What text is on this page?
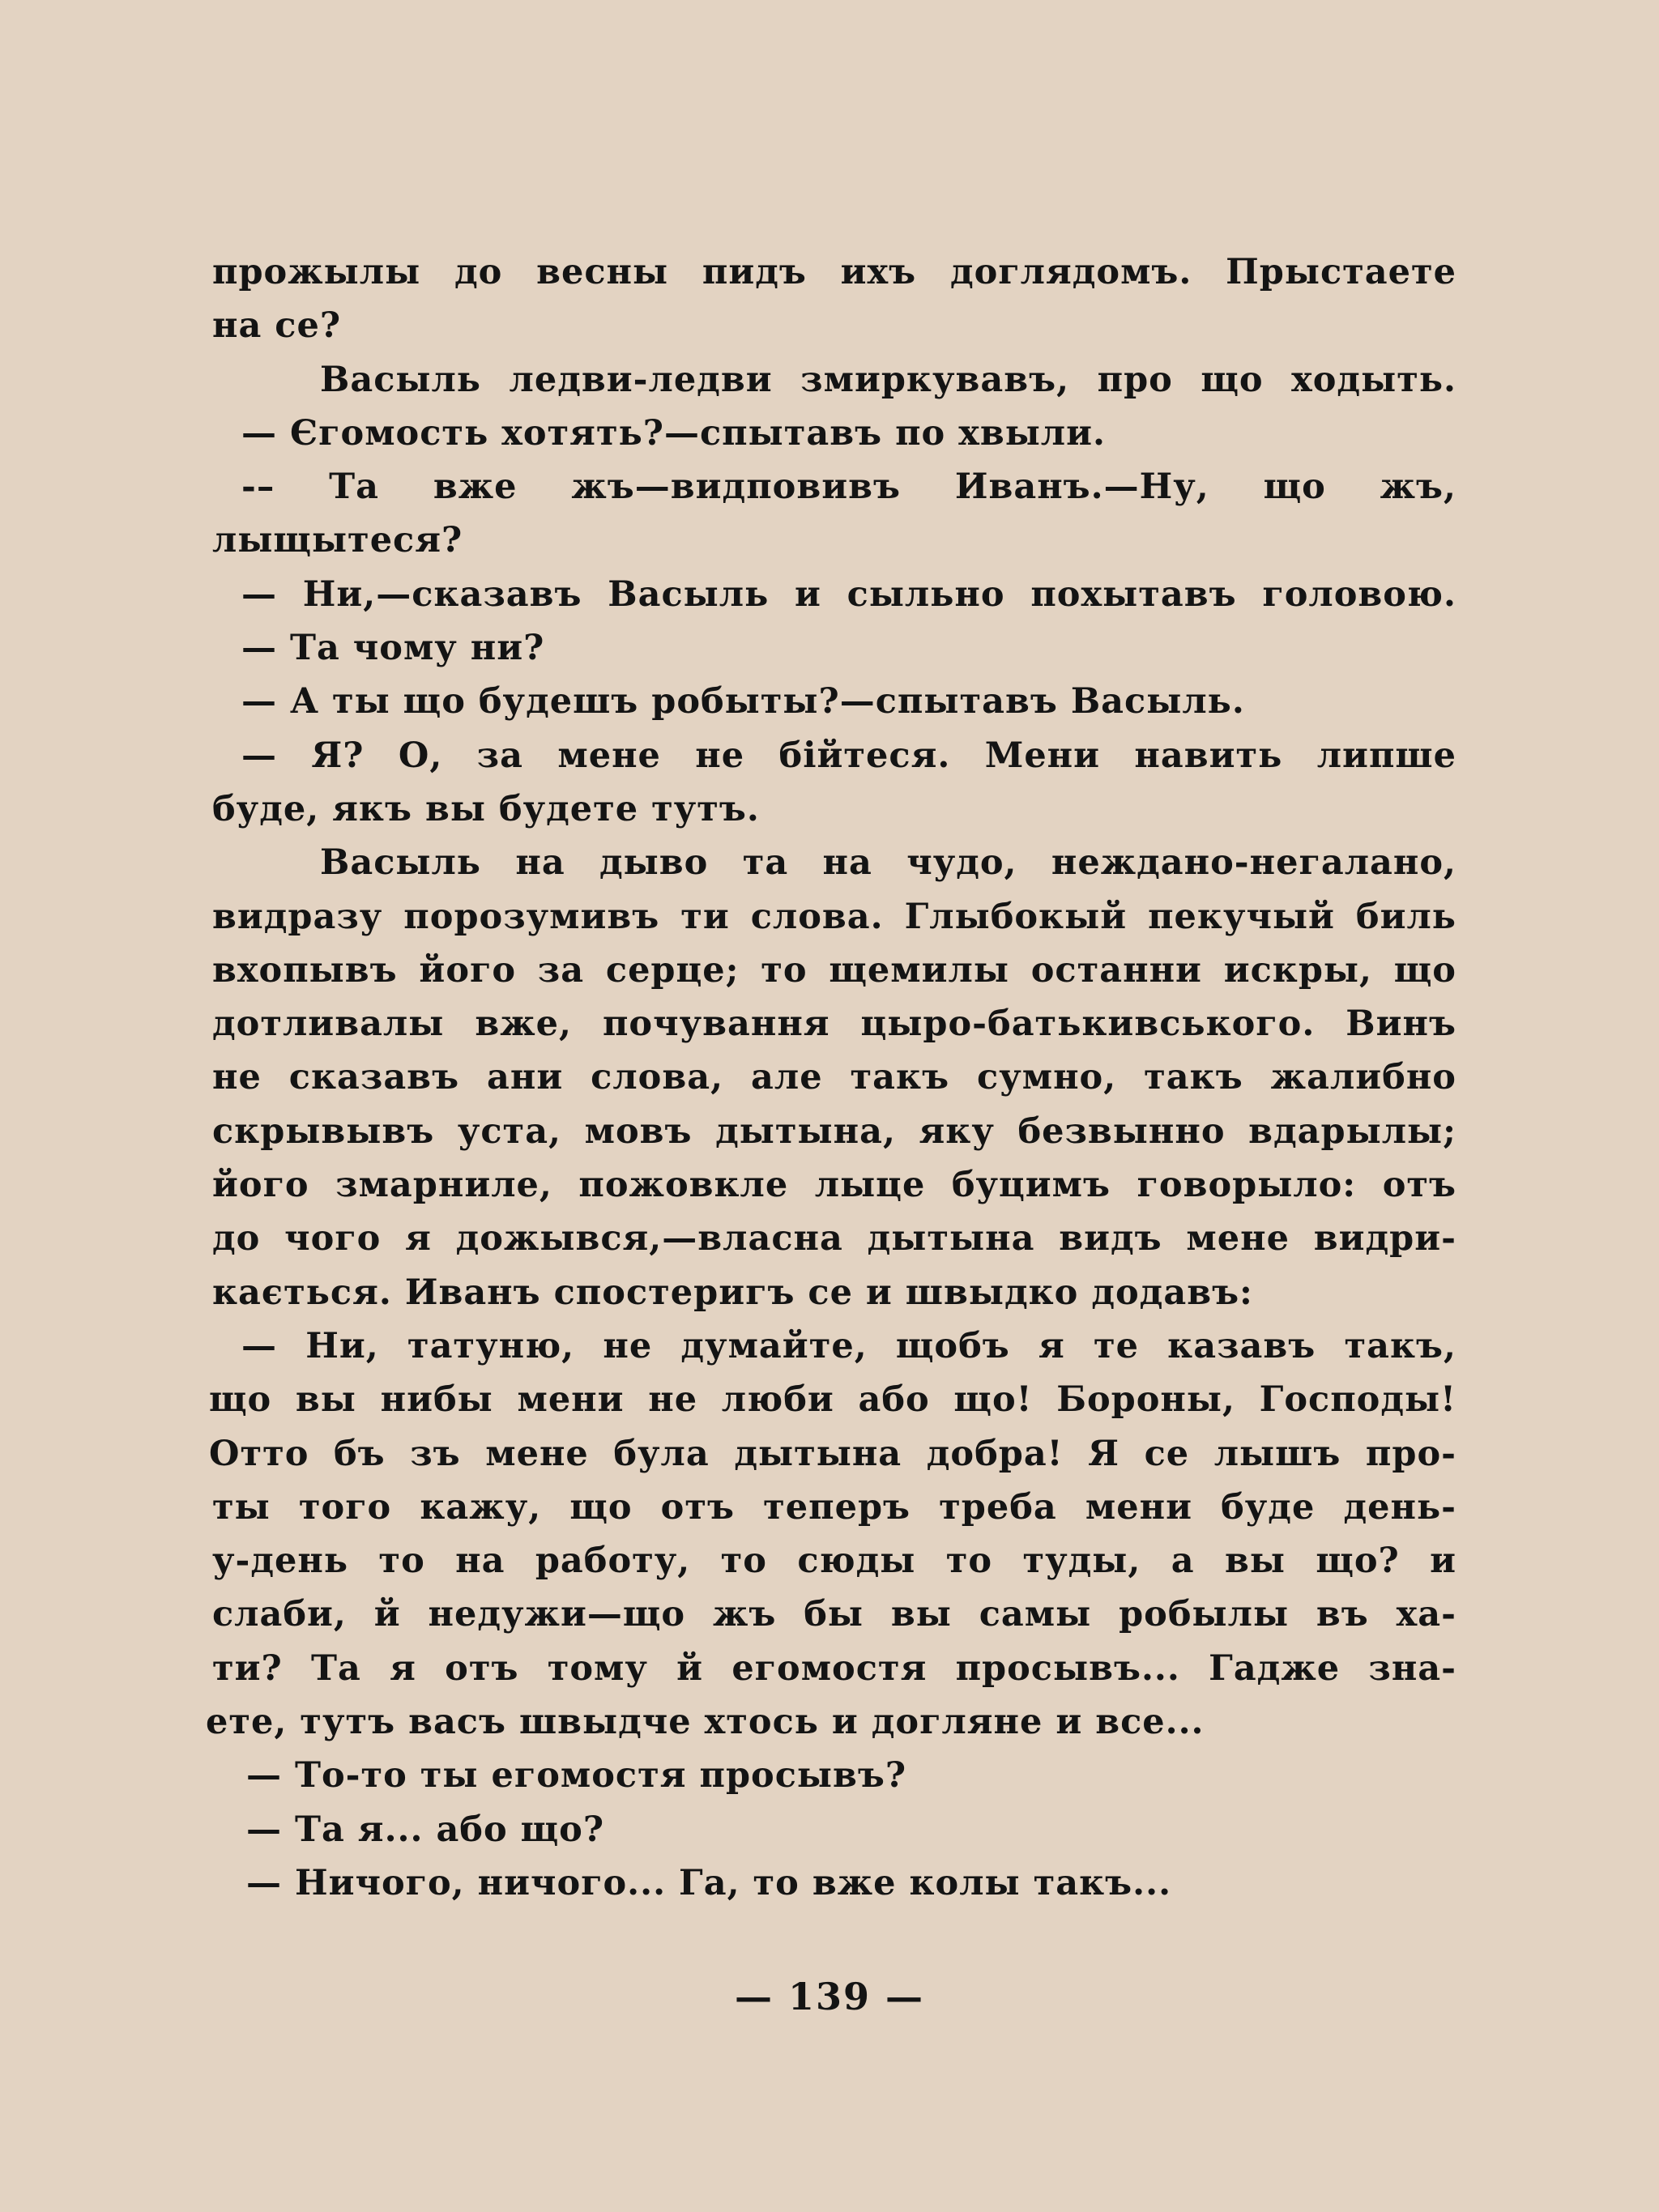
прожылы до весны пидъ ихъ доглядомъ. Прыстаете
на се?
Васыль ледви-ледви змиркувавъ, про що ходыть.
— Єгомость хотять?—спытавъ по хвыли.
-– Та вже жъ—видповивъ Иванъ.—Ну, що жъ,
лыщытеся?
— Ни,—сказавъ Васыль и сыльно похытавъ головою.
— Та чому ни?
— А ты що будешъ робыты?—спытавъ Васыль.
— Я? О, за мене не бійтеся. Мени навить липше
буде, якъ вы будете тутъ.
Васыль на дыво та на чудо, неждано-негалано,
видразу порозумивъ ти слова. Глыбокый пекучый биль
вхопывъ його за серце; то щемилы останни искры, що
дотливалы вже, почування цыро-батькивського. Винъ
не сказавъ ани слова, але такъ сумно, такъ жалибно
скрывывъ уста, мовъ дытына, яку безвынно вдарылы;
його змарниле, пожовкле лыце буцимъ говорыло: отъ
до чого я дожывся,—власна дытына видъ мене видри-
кається. Иванъ спостеригъ се и швыдко додавъ:
— Ни, татуню, не думайте, щобъ я те казавъ такъ,
що вы нибы мени не люби або що! Бороны, Господы!
Отто бъ зъ мене була дытына добра! Я се лышъ про-
ты того кажу, що отъ теперъ треба мени буде день-
у-день то на работу, то сюды то туды, а вы що? и
слаби, й недужи—що жъ бы вы самы робылы въ ха-
ти? Та я отъ тому й егомостя просывъ... Гадже зна-
ете, тутъ васъ швыдче хтось и догляне и все...
— То-то ты егомостя просывъ?
— Та я... або що?
— Ничого, ничого... Га, то вже колы такъ...
— 139 —
